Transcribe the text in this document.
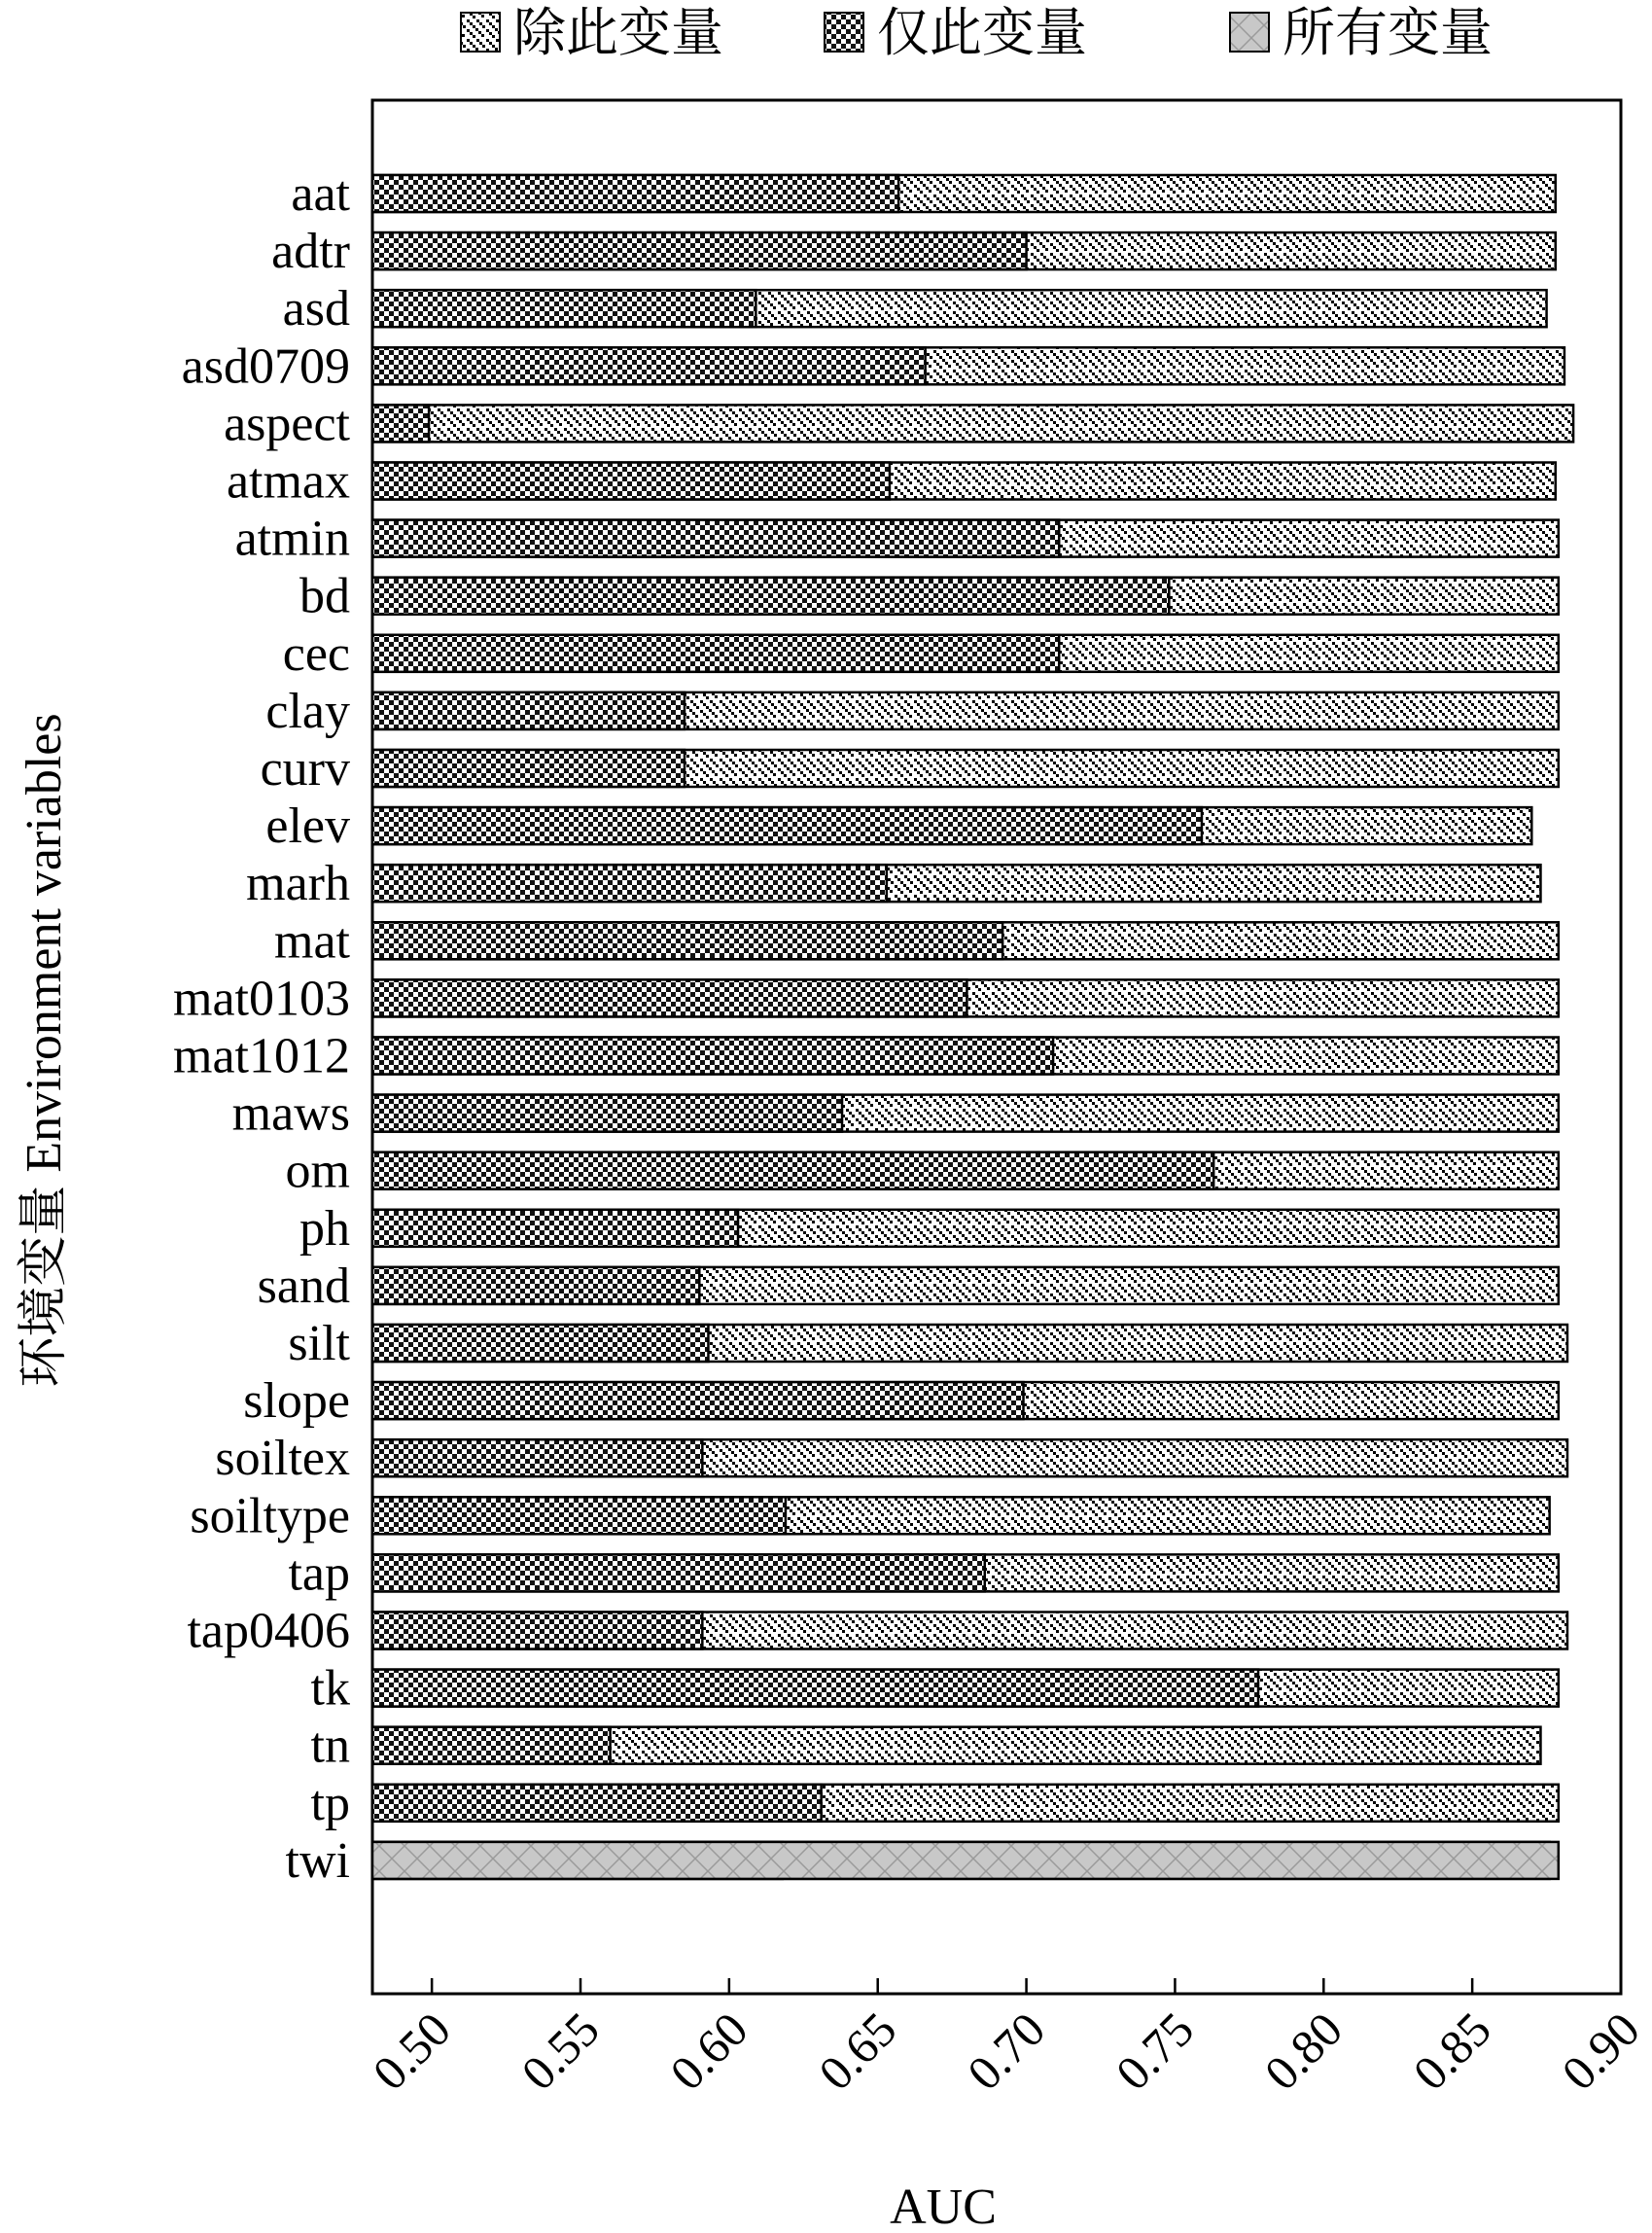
除此变量	仅此变量	所有变量
aat
adtr
asd
asd0709
aspect
atmax
atmin
bd
cec
clay
curv
elev
marh
mat
mat0103
mat1012
maws
om
ph
sand
silt
slope
soiltex
soiltype
tap
tap0406
tk
tn
tp
twi
0.50 0.55 0.60 0.65 0.70 0.75 0.80 0.85 0.90
AUC
环境变量 Environment variables
